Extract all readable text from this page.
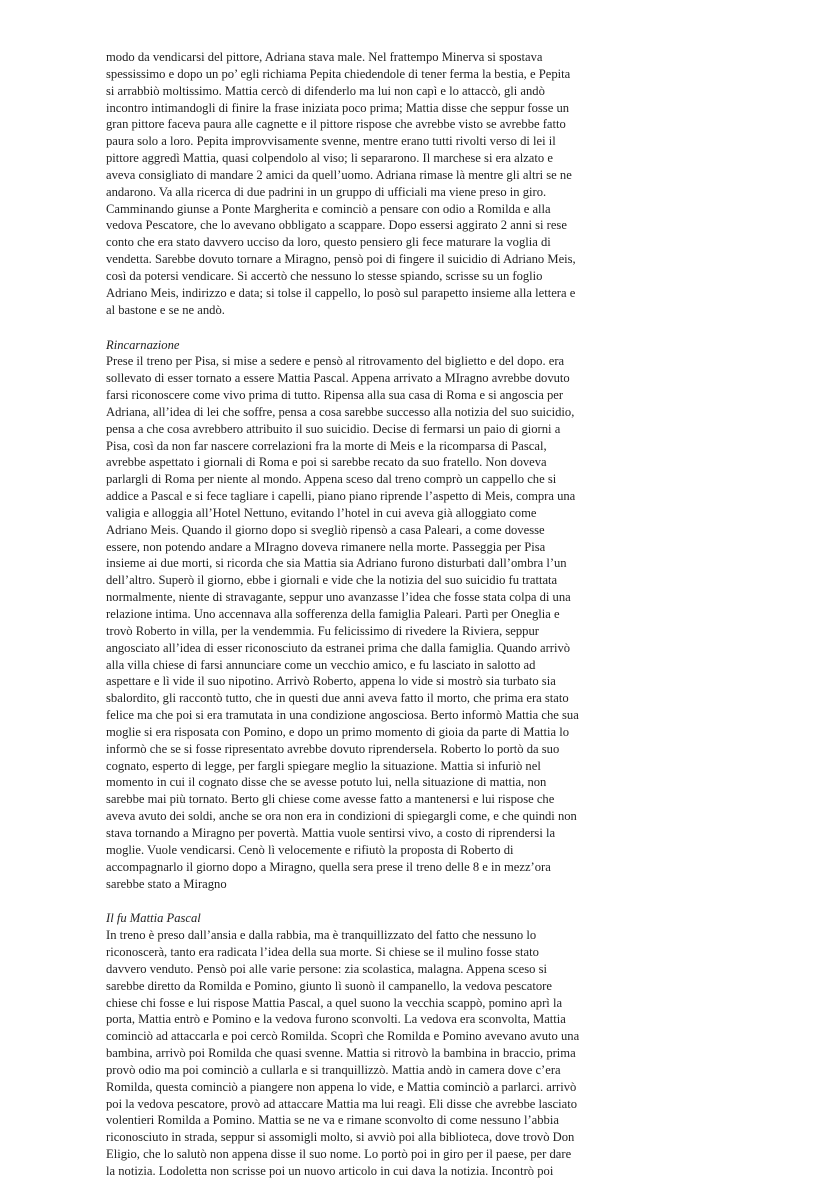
modo da vendicarsi del pittore, Adriana stava male. Nel frattempo Minerva si spostava
spessissimo e dopo un po’ egli richiama Pepita chiedendole di tener ferma la bestia, e Pepita
si arrabbiò moltissimo. Mattia cercò di difenderlo ma lui non capì e lo attaccò, gli andò
incontro intimandogli di finire la frase iniziata poco prima; Mattia disse che seppur fosse un
gran pittore faceva paura alle cagnette e il pittore rispose che avrebbe visto se avrebbe fatto
paura solo a loro. Pepita improvvisamente svenne, mentre erano tutti rivolti verso di lei il
pittore aggredì Mattia, quasi colpendolo al viso; li separarono. Il marchese si era alzato e
aveva consigliato di mandare 2 amici da quell’uomo. Adriana rimase là mentre gli altri se ne
andarono. Va alla ricerca di due padrini in un gruppo di ufficiali ma viene preso in giro.
Camminando giunse a Ponte Margherita e cominciò a pensare con odio a Romilda e alla
vedova Pescatore, che lo avevano obbligato a scappare. Dopo essersi aggirato 2 anni si rese
conto che era stato davvero ucciso da loro, questo pensiero gli fece maturare la voglia di
vendetta. Sarebbe dovuto tornare a Miragno, pensò poi di fingere il suicidio di Adriano Meis,
così da potersi vendicare. Si accertò che nessuno lo stesse spiando, scrisse su un foglio
Adriano Meis, indirizzo e data; si tolse il cappello, lo posò sul parapetto insieme alla lettera e
al bastone e se ne andò.
Rincarnazione
Prese il treno per Pisa, si mise a sedere e pensò al ritrovamento del biglietto e del dopo. era
sollevato di esser tornato a essere Mattia Pascal. Appena arrivato a MIragno avrebbe dovuto
farsi riconoscere come vivo prima di tutto. Ripensa alla sua casa di Roma e si angoscia per
Adriana, all’idea di lei che soffre, pensa a cosa sarebbe successo alla notizia del suo suicidio,
pensa a che cosa avrebbero attribuito il suo suicidio. Decise di fermarsi un paio di giorni a
Pisa, così da non far nascere correlazioni fra la morte di Meis e la ricomparsa di Pascal,
avrebbe aspettato i giornali di Roma e poi si sarebbe recato da suo fratello. Non doveva
parlargli di Roma per niente al mondo. Appena sceso dal treno comprò un cappello che si
addice a Pascal e si fece tagliare i capelli, piano piano riprende l’aspetto di Meis, compra una
valigia e alloggia all’Hotel Nettuno, evitando l’hotel in cui aveva già alloggiato come
Adriano Meis. Quando il giorno dopo si svegliò ripensò a casa Paleari, a come dovesse
essere, non potendo andare a MIragno doveva rimanere nella morte. Passeggia per Pisa
insieme ai due morti, si ricorda che sia Mattia sia Adriano furono disturbati dall’ombra l’un
dell’altro. Superò il giorno, ebbe i giornali e vide che la notizia del suo suicidio fu trattata
normalmente, niente di stravagante, seppur uno avanzasse l’idea che fosse stata colpa di una
relazione intima. Uno accennava alla sofferenza della famiglia Paleari. Partì per Oneglia e
trovò Roberto in villa, per la vendemmia. Fu felicissimo di rivedere la Riviera, seppur
angosciato all’idea di esser riconosciuto da estranei prima che dalla famiglia. Quando arrivò
alla villa chiese di farsi annunciare come un vecchio amico, e fu lasciato in salotto ad
aspettare e lì vide il suo nipotino. Arrivò Roberto, appena lo vide si mostrò sia turbato sia
sbalordito, gli raccontò tutto, che in questi due anni aveva fatto il morto, che prima era stato
felice ma che poi si era tramutata in una condizione angosciosa. Berto informò Mattia che sua
moglie si era risposata con Pomino, e dopo un primo momento di gioia da parte di Mattia lo
informò che se si fosse ripresentato avrebbe dovuto riprendersela. Roberto lo portò da suo
cognato, esperto di legge, per fargli spiegare meglio la situazione. Mattia si infuriò nel
momento in cui il cognato disse che se avesse potuto lui, nella situazione di mattia, non
sarebbe mai più tornato. Berto gli chiese come avesse fatto a mantenersi e lui rispose che
aveva avuto dei soldi, anche se ora non era in condizioni di spiegargli come, e che quindi non
stava tornando a Miragno per povertà. Mattia vuole sentirsi vivo, a costo di riprendersi la
moglie. Vuole vendicarsi. Cenò lì velocemente e rifiutò la proposta di Roberto di
accompagnarlo il giorno dopo a Miragno, quella sera prese il treno delle 8 e in mezz’ora
sarebbe stato a Miragno
Il fu Mattia Pascal
In treno è preso dall’ansia e dalla rabbia, ma è tranquillizzato del fatto che nessuno lo
riconoscerà, tanto era radicata l’idea della sua morte. Si chiese se il mulino fosse stato
davvero venduto. Pensò poi alle varie persone: zia scolastica, malagna. Appena sceso si
sarebbe diretto da Romilda e Pomino, giunto lì suonò il campanello, la vedova pescatore
chiese chi fosse e lui rispose Mattia Pascal, a quel suono la vecchia scappò, pomino aprì la
porta, Mattia entrò e Pomino e la vedova furono sconvolti. La vedova era sconvolta, Mattia
cominciò ad attaccarla e poi cercò Romilda. Scoprì che Romilda e Pomino avevano avuto una
bambina, arrivò poi Romilda che quasi svenne. Mattia si ritrovò la bambina in braccio, prima
provò odio ma poi cominciò a cullarla e si tranquillizzò. Mattia andò in camera dove c’era
Romilda, questa cominciò a piangere non appena lo vide, e Mattia cominciò a parlarci. arrivò
poi la vedova pescatore, provò ad attaccare Mattia ma lui reagì. Eli disse che avrebbe lasciato
volentieri Romilda a Pomino. Mattia se ne va e rimane sconvolto di come nessuno l’abbia
riconosciuto in strada, seppur si assomigli molto, si avviò poi alla biblioteca, dove trovò Don
Eligio, che lo salutò non appena disse il suo nome. Lo portò poi in giro per il paese, per dare
la notizia. Lodoletta non scrisse poi un nuovo articolo in cui dava la notizia. Incontrò poi
